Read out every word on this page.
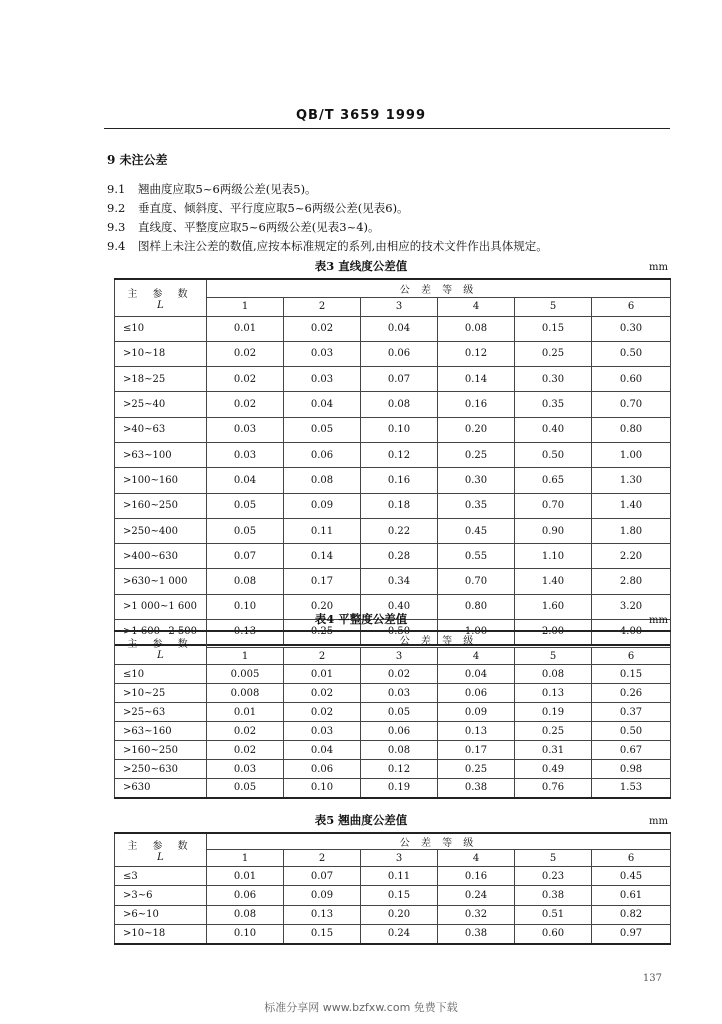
QB/T 3659 1999
9 未注公差
9.1 翘曲度应取5~6两级公差(见表5)。
9.2 垂直度、倾斜度、平行度应取5~6两级公差(见表6)。
9.3 直线度、平整度应取5~6两级公差(见表3~4)。
9.4 图样上未注公差的数值,应按本标准规定的系列,由相应的技术文件作出具体规定。
表3 直线度公差值	mm
主 参 数
L	公 差 等 级					
	1	2	3	4	5	6
≤10	0.01	0.02	0.04	0.08	0.15	0.30
>10~18	0.02	0.03	0.06	0.12	0.25	0.50
>18~25	0.02	0.03	0.07	0.14	0.30	0.60
>25~40	0.02	0.04	0.08	0.16	0.35	0.70
>40~63	0.03	0.05	0.10	0.20	0.40	0.80
>63~100	0.03	0.06	0.12	0.25	0.50	1.00
>100~160	0.04	0.08	0.16	0.30	0.65	1.30
>160~250	0.05	0.09	0.18	0.35	0.70	1.40
>250~400	0.05	0.11	0.22	0.45	0.90	1.80
>400~630	0.07	0.14	0.28	0.55	1.10	2.20
>630~1 000	0.08	0.17	0.34	0.70	1.40	2.80
>1 000~1 600	0.10	0.20	0.40	0.80	1.60	3.20
>1 600~2 500	0.13	0.25	0.50	1.00	2.00	4.00
表4 平整度公差值	mm
主 参 数
L	公 差 等 级					
	1	2	3	4	5	6
≤10	0.005	0.01	0.02	0.04	0.08	0.15
>10~25	0.008	0.02	0.03	0.06	0.13	0.26
>25~63	0.01	0.02	0.05	0.09	0.19	0.37
>63~160	0.02	0.03	0.06	0.13	0.25	0.50
>160~250	0.02	0.04	0.08	0.17	0.31	0.67
>250~630	0.03	0.06	0.12	0.25	0.49	0.98
>630	0.05	0.10	0.19	0.38	0.76	1.53
表5 翘曲度公差值	mm
主 参 数
L	公 差 等 级					
	1	2	3	4	5	6
≤3	0.01	0.07	0.11	0.16	0.23	0.45
>3~6	0.06	0.09	0.15	0.24	0.38	0.61
>6~10	0.08	0.13	0.20	0.32	0.51	0.82
>10~18	0.10	0.15	0.24	0.38	0.60	0.97
137
标准分享网 www.bzfxw.com 免费下载
